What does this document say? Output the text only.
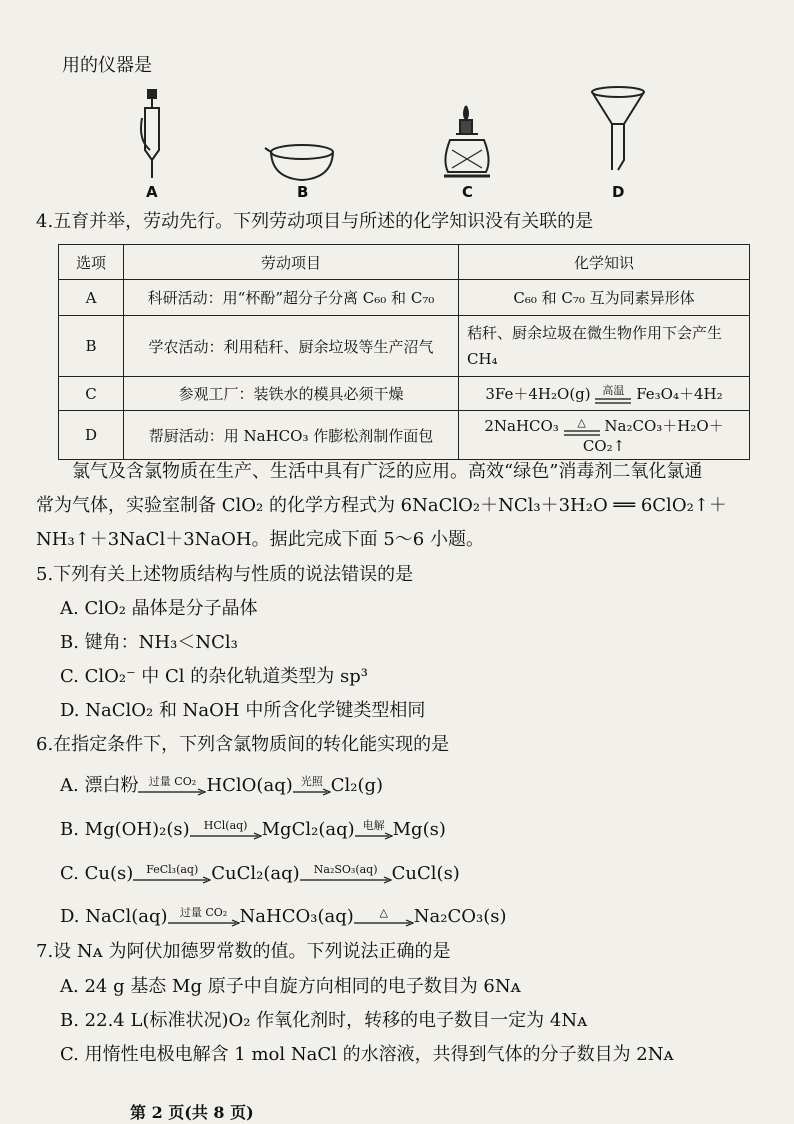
用的仪器是
A	B	C	D
4.五育并举，劳动先行。下列劳动项目与所述的化学知识没有关联的是
选项	劳动项目	化学知识
A	科研活动：用“杯酚”超分子分离 C₆₀ 和 C₇₀	C₆₀ 和 C₇₀ 互为同素异形体
B	学农活动：利用秸秆、厨余垃圾等生产沼气	秸秆、厨余垃圾在微生物作用下会产生 CH₄
C	参观工厂：装铁水的模具必须干燥	3Fe＋4H₂O(g) 高温 Fe₃O₄＋4H₂
D	帮厨活动：用 NaHCO₃ 作膨松剂制作面包	2NaHCO₃ △ Na₂CO₃＋H₂O＋CO₂↑
氯气及含氯物质在生产、生活中具有广泛的应用。高效“绿色”消毒剂二氧化氯通
常为气体，实验室制备 ClO₂ 的化学方程式为 6NaClO₂＋NCl₃＋3H₂O ══ 6ClO₂↑＋
NH₃↑＋3NaCl＋3NaOH。据此完成下面 5～6 小题。
5.下列有关上述物质结构与性质的说法错误的是
A. ClO₂ 晶体是分子晶体
B. 键角：NH₃＜NCl₃
C. ClO₂⁻ 中 Cl 的杂化轨道类型为 sp³
D. NaClO₂ 和 NaOH 中所含化学键类型相同
6.在指定条件下，下列含氯物质间的转化能实现的是
A. 漂白粉 过量 CO₂ HClO(aq) 光照 Cl₂(g)
B. Mg(OH)₂(s)	HCl(aq) MgCl₂(aq) 电解 Mg(s)
C. Cu(s)	FeCl₃(aq) CuCl₂(aq)	Na₂SO₃(aq) CuCl(s)
D. NaCl(aq)	过量 CO₂ NaHCO₃(aq)	△	Na₂CO₃(s)
7.设 Nᴀ 为阿伏加德罗常数的值。下列说法正确的是
A. 24 g 基态 Mg 原子中自旋方向相同的电子数目为 6Nᴀ
B. 22.4 L(标准状况)O₂ 作氧化剂时，转移的电子数目一定为 4Nᴀ
C. 用惰性电极电解含 1 mol NaCl 的水溶液，共得到气体的分子数目为 2Nᴀ
第 2 页(共 8 页)
